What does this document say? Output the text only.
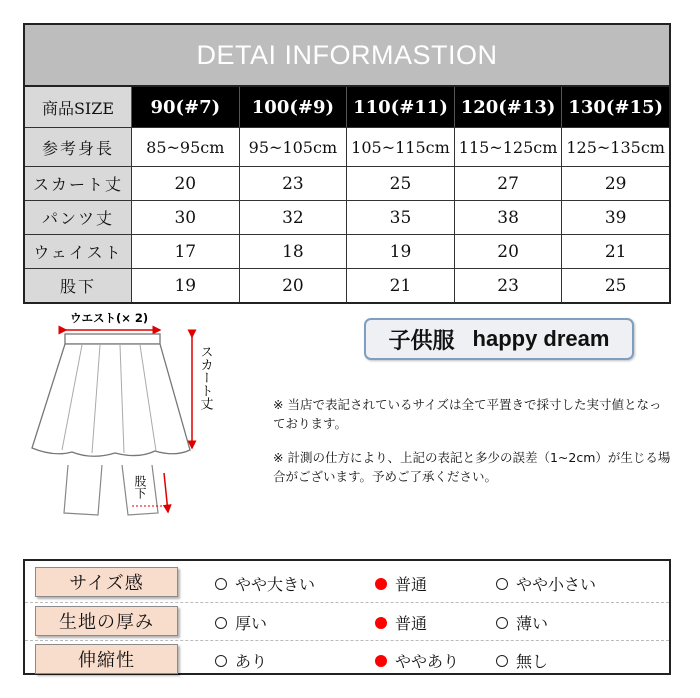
DETAI INFORMASTION
商品SIZE	90(#7)	100(#9)	110(#11) 120(#13) 130(#15)
参考身長	85~95cm	95~105cm 105~115cm 115~125cm 125~135cm
スカート丈	20	23	25	27	29
パンツ丈	30	32	35	38	39
ウェイスト	17	18	19	20	21
股下	19	20	21	23	25
ウエスト(× 2)
スカート丈
股下
子供服 happy dream

※ 当店で表記されているサイズは全て平置きで採寸した実寸値となっております。

※ 計測の仕方により、上記の表記と多少の誤差（1~2cm）が生じる場合がございます。予めご了承ください。

サイズ感	やや大きい	普通	やや小さい
生地の厚み	厚い	普通	薄い
伸縮性	あり	ややあり	無し
